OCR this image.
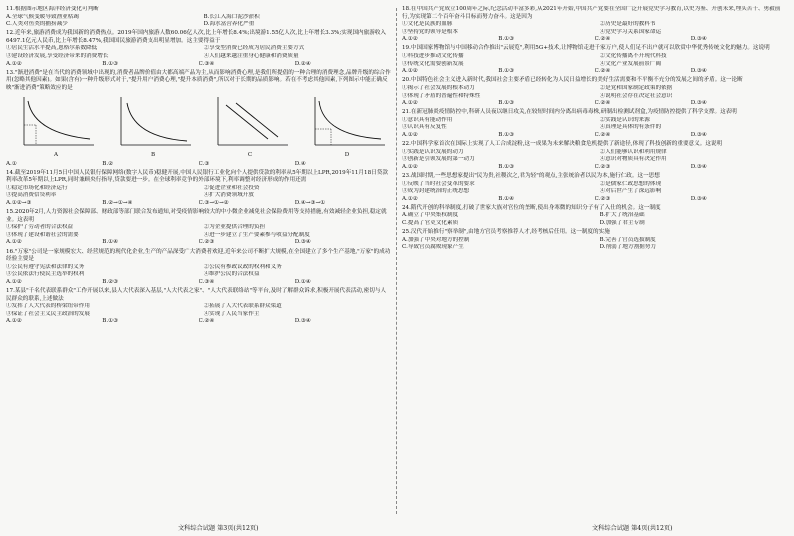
11.根据图示地区海洋经济变化可判断
A.全球气候变暖导致渔业枯竭	B.长江入海口泥沙淤积
C.人类对鱼类的捕捞减少	D.海水富营养化严重
12.近年来,旅游消费成为我国新的消费热点。2019年国内旅游人数60.06亿人次,比上年增长8.4%;出境游1.55亿人次,比上年增长3.3%;实现国内旅游收入6497.1亿元人民币,比上年增长8.47%,我国国民旅游消费支出明显增加。这主要得益于
①居民生活水平提高,恩格尔系数降低	②享受型消费已经成为居民消费主要方式
③建设经济发展,享受经济带来的消费增长	④人们越来越注重身心健康和消费质量
A.①②	B.①③	C.③④	D.②④
13."渐进消费"是在当代的消费领域中出现的,消费者品牌价值由大都高端产品为主,从而影响消费心理,是我们所提倡的一种合理的消费理念,品牌升级的综合作用(忽略其他因素)。如果(含有)一种升级形式对于,"提升用户消费心理,"提升本质消费",所以对于长期的品质影响。若在不考虑其他因素,下列图示中能正确反映"渐进消费"策略效应的是
A	B	C	D
A.①	B.②	C.③	D.④
14.截至2019年11月5日中国人民银行保障网络(数字人民币)稳健开展,中国人民银行工业化向个人提供贷款的利率从5年期以上LPR,2019年11月18日贷款利率改革5年期以上LPR,同时兼顾央行指导,贷款要进一步。在全球利率竞争的外部环境下,利率调整对经济形成的作用还需
①稳定市场化和经济运行	②促进企业和社会投资
③提高消费信贷利率	④扩大消费领域开放
A.①②→③	B.②→①→④	C.③→①→②	D.④→③→①
15.2020年2月,人力资源社会保障部、财政部等部门联合发布通知,对受疫情影响较大的中小微企业减免社会保险费用等支持措施,有效减轻企业负担,稳定就业。这表明
①保护了劳动者的合法权益	②为企业提供合理的负担
③体现了建设和谐社会的需要	④进一步建立了生产要素参与收益分配制度
A.①②	B.①④	C.②③	D.③④
16."万家"公司是一家规模宏大、经营规范的现代化企业,生产的产品深受广大消费者欢迎,近年来公司不断扩大规模,在全国建立了多个生产基地,"万家"的成功经验主要是
①公民有遵守宪法和法律的义务	②公民有参政议政的权利和义务
③公民依法行使民主选举的权利	④维护公民的合法权益
A.①②	B.②③	C.③④	D.①④
17.某县"千名代表联系群众"工作开展以来,县人大代表深入基层,"人大代表之家"、"人大代表联络站"等平台,及时了解群众诉求,积极开展代表活动,密切与人民群众的联系,上述做法
①发挥了人大代表的桥梁纽带作用	②拓展了人大代表联系群众渠道
③保证了社会主义民主政治的发展	④实现了人民当家作主
A.①②	B.①③	C.②④	D.③④
18.在中国共产党成立100周年之际,纪念活动丰富多彩,从2021年开始,中国共产党要在全国广泛开展党史学习教育,以史为鉴、开创未来,埋头苦干、勇毅前行,为实现第二个百年奋斗目标而努力奋斗。这是因为
①文化是民族的血脉	②历史是最好的教科书
③坚持党的领导是根本	④党史学习关系国家命运
A.①②	B.①③	C.②④	D.③④
19.中国国家博物馆与中国移动合作推出"云展览",利用5G+技术,让博物馆走进千家万户,使人们足不出户就可以欣赏中华优秀传统文化的魅力。这说明
①科技进步推动文化传播	②文化传播离不开现代科技
③传统文化需要创新发展	④文化产业发展前景广阔
A.①②	B.①③	C.②④	D.③④
20.中国特色社会主义进入新时代,我国社会主要矛盾已经转化为人民日益增长的美好生活需要和不平衡不充分的发展之间的矛盾。这一论断
①揭示了社会发展的根本动力	②是党和国家制定政策的依据
③体现了矛盾的普遍性和特殊性	④说明社会存在决定社会意识
A.①②	B.①③	C.②④	D.③④
21.在新冠肺炎疫情防控中,科研人员夜以继日攻关,在较短时间内分离出病毒毒株,研制出检测试剂盒,为疫情防控提供了科学支撑。这表明
①意识具有能动作用	②实践是认识的来源
③认识具有反复性	④真理是具体的有条件的
A.①②	B.①③	C.②④	D.③④
22.中国科学家首次在国际上实现了人工合成淀粉,这一成果为未来解决粮食危机提供了新途径,体现了科技创新的重要意义。这说明
①实践是认识发展的动力	②人们能够认识和利用规律
③创新是引领发展的第一动力	④意识对物质具有决定作用
A.①②	B.①③	C.②③	D.③④
23.战国时期,一些思想家提出"民为贵,社稷次之,君为轻"的观点,主张统治者以民为本,施行仁政。这一思想
①反映了当时社会变革的要求	②是儒家仁政思想的体现
③成为封建统治的正统思想	④对后世产生了深远影响
A.①②	B.①④	C.②③	D.③④
24.隋代开创的科举制度,打破了世家大族对官位的垄断,使出身寒微的知识分子有了入仕的机会。这一制度
A.确立了中央集权制度	B.扩大了统治基础
C.提高了官吏文化素质	D.加强了君主专制
25.汉代开始推行"察举制",由地方官员考察推荐人才,经考核后任用。这一制度的实施
A.加强了中央对地方的控制	B.完善了官员选拔制度
C.导致官员腐败现象产生	D.削弱了地方割据势力
文科综合试题 第3页(共12页)	文科综合试题 第4页(共12页)
